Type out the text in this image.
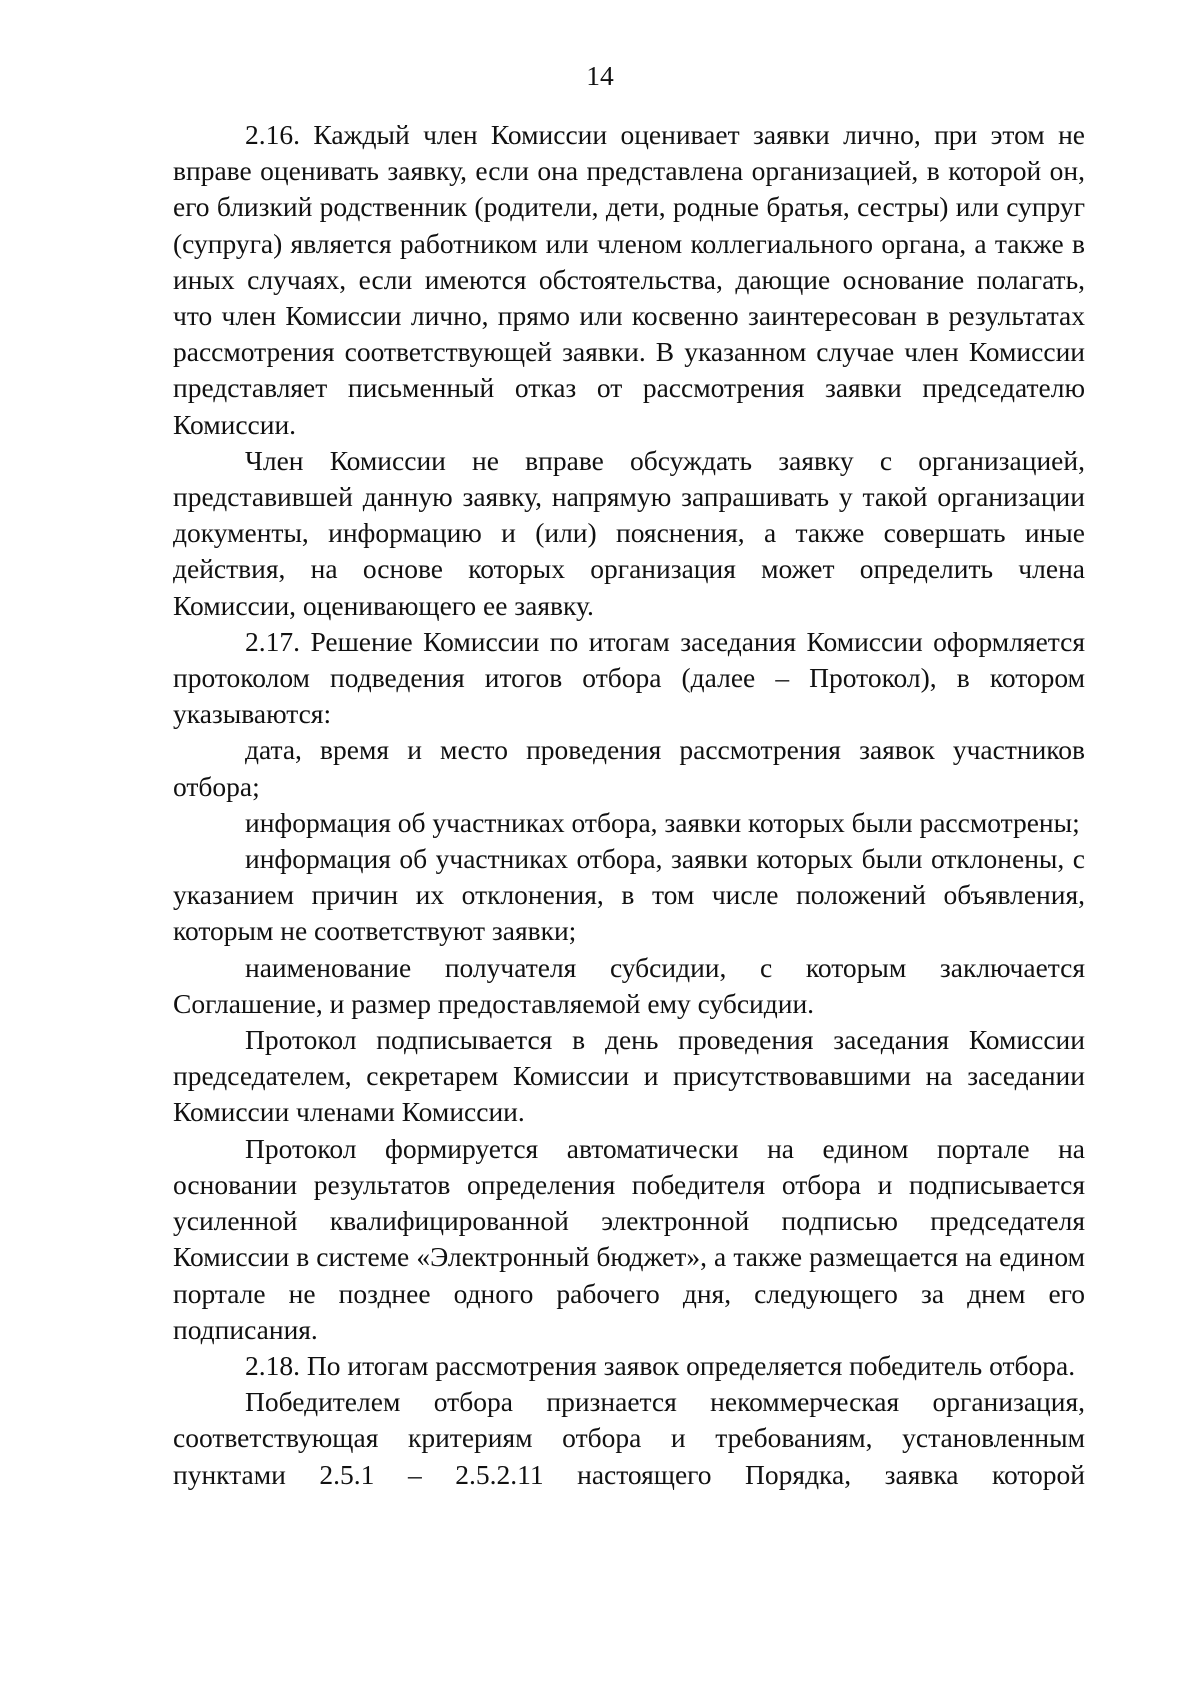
14

2.16. Каждый член Комиссии оценивает заявки лично, при этом не вправе оценивать заявку, если она представлена организацией, в которой он, его близкий родственник (родители, дети, родные братья, сестры) или супруг (супруга) является работником или членом коллегиального органа, а также в иных случаях, если имеются обстоятельства, дающие основание полагать, что член Комиссии лично, прямо или косвенно заинтересован в результатах рассмотрения соответствующей заявки. В указанном случае член Комиссии представляет письменный отказ от рассмотрения заявки председателю Комиссии.

Член Комиссии не вправе обсуждать заявку с организацией, представившей данную заявку, напрямую запрашивать у такой организации документы, информацию и (или) пояснения, а также совершать иные действия, на основе которых организация может определить члена Комиссии, оценивающего ее заявку.

2.17. Решение Комиссии по итогам заседания Комиссии оформляется протоколом подведения итогов отбора (далее – Протокол), в котором указываются:

дата, время и место проведения рассмотрения заявок участников отбора;

информация об участниках отбора, заявки которых были рассмотрены;

информация об участниках отбора, заявки которых были отклонены, с указанием причин их отклонения, в том числе положений объявления, которым не соответствуют заявки;

наименование получателя субсидии, с которым заключается Соглашение, и размер предоставляемой ему субсидии.

Протокол подписывается в день проведения заседания Комиссии председателем, секретарем Комиссии и присутствовавшими на заседании Комиссии членами Комиссии.

Протокол формируется автоматически на едином портале на основании результатов определения победителя отбора и подписывается усиленной квалифицированной электронной подписью председателя Комиссии в системе «Электронный бюджет», а также размещается на едином портале не позднее одного рабочего дня, следующего за днем его подписания.

2.18. По итогам рассмотрения заявок определяется победитель отбора.

Победителем отбора признается некоммерческая организация, соответствующая критериям отбора и требованиям, установленным пунктами 2.5.1 – 2.5.2.11 настоящего Порядка, заявка которой
